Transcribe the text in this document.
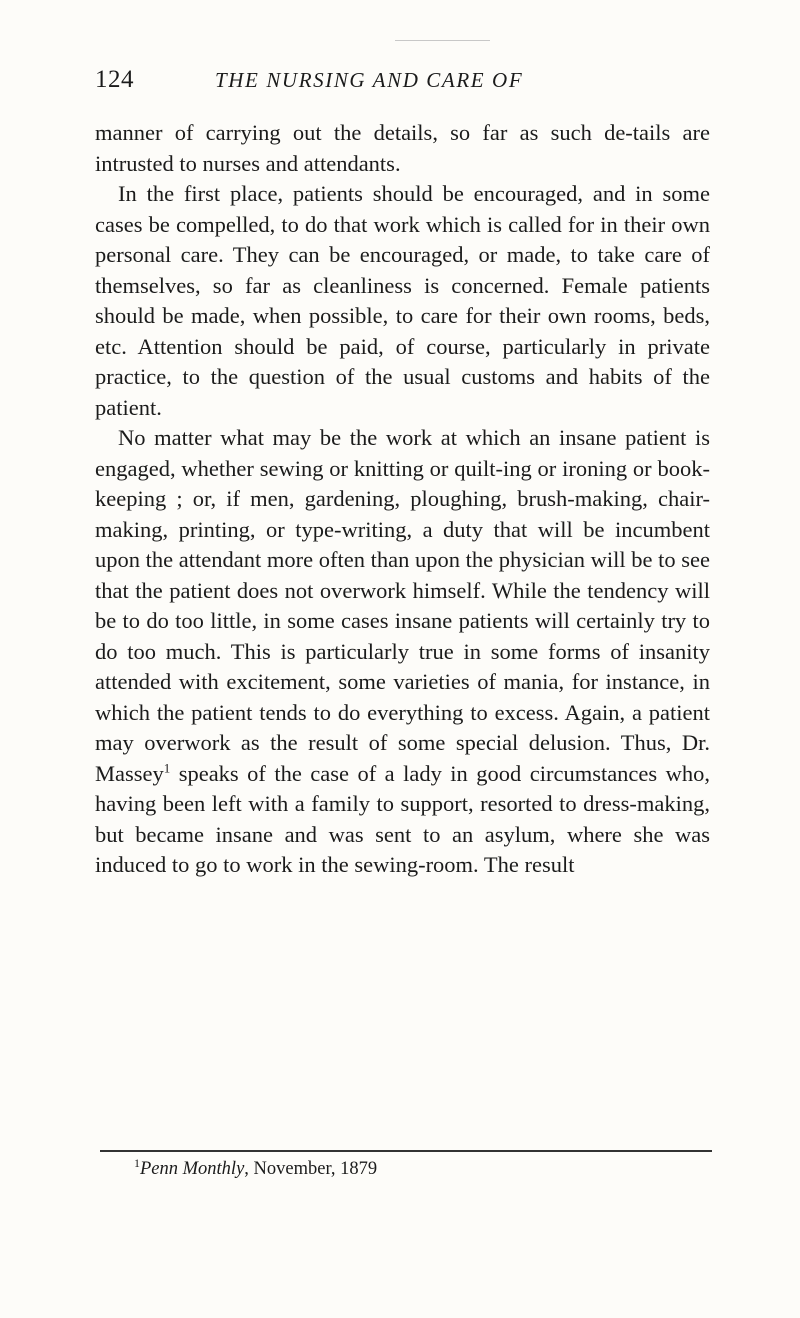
124	THE NURSING AND CARE OF

manner of carrying out the details, so far as such de-tails are intrusted to nurses and attendants.

In the first place, patients should be encouraged, and in some cases be compelled, to do that work which is called for in their own personal care. They can be encouraged, or made, to take care of themselves, so far as cleanliness is concerned. Female patients should be made, when possible, to care for their own rooms, beds, etc. Attention should be paid, of course, particularly in private practice, to the question of the usual customs and habits of the patient.

No matter what may be the work at which an insane patient is engaged, whether sewing or knitting or quilt-ing or ironing or book-keeping ; or, if men, gardening, ploughing, brush-making, chair-making, printing, or type-writing, a duty that will be incumbent upon the attendant more often than upon the physician will be to see that the patient does not overwork himself. While the tendency will be to do too little, in some cases insane patients will certainly try to do too much. This is particularly true in some forms of insanity attended with excitement, some varieties of mania, for instance, in which the patient tends to do everything to excess. Again, a patient may overwork as the result of some special delusion. Thus, Dr. Massey$^1$ speaks of the case of a lady in good circumstances who, having been left with a family to support, resorted to dress-making, but became insane and was sent to an asylum, where she was induced to go to work in the sewing-room. The result

$^1$Penn Monthly, November, 1879
